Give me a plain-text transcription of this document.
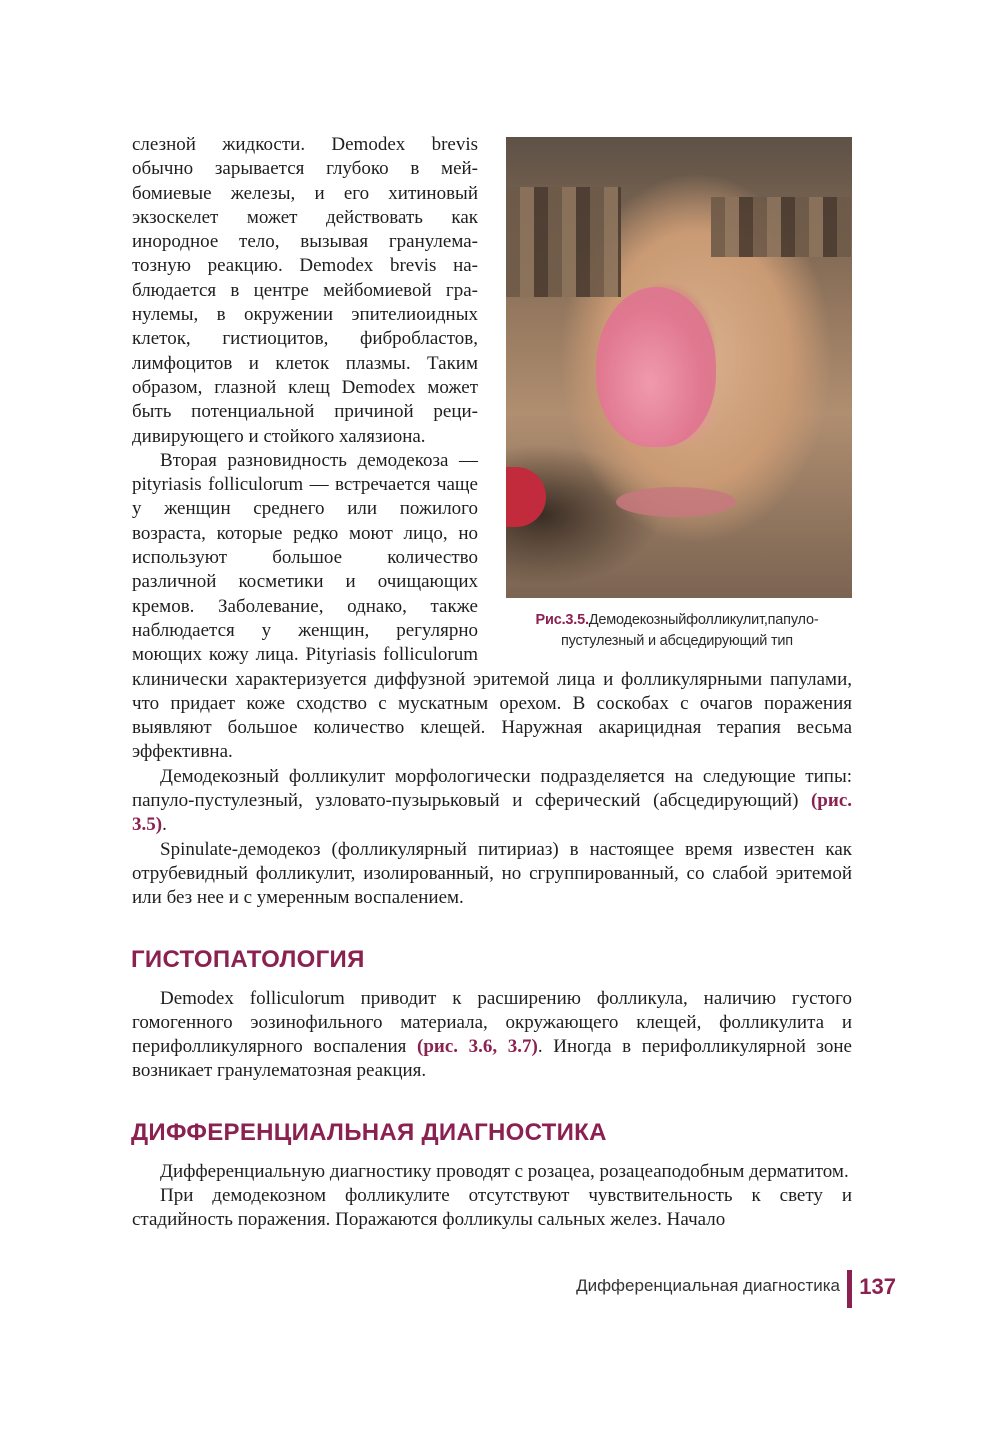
Рис.3.5.Демодекозныйфолликулит,папуло-
пустулезный и абсцедирующий тип

слезной жидкости. Demodex brevis обычно зарывается глубоко в мейбомиевые железы, и его хитиновый экзоскелет может действовать как инородное тело, вызывая гранулематозную реакцию. Demodex brevis наблюдается в центре мейбомиевой гранулемы, в окружении эпителиоидных клеток, гистиоцитов, фибробластов, лимфоцитов и клеток плазмы. Таким образом, глазной клещ Demodex может быть потенциальной причиной рецидивирующего и стойкого халязиона.

Вторая разновидность демодекоза — pityriasis folliculorum — встречается чаще у женщин среднего или пожилого возраста, которые редко моют лицо, но используют большое количество различной косметики и очищающих кремов. Заболевание, однако, также наблюдается у женщин, регулярно моющих кожу лица. Pityriasis folliculorum клинически характеризуется диффузной эритемой лица и фолликулярными папулами, что придает коже сходство с мускатным орехом. В соскобах с очагов поражения выявляют большое количество клещей. Наружная акарицидная терапия весьма эффективна.

Демодекозный фолликулит морфологически подразделяется на следующие типы: папуло-пустулезный, узловато-пузырьковый и сферический (абсцедирующий) (рис. 3.5).

Spinulate-демодекоз (фолликулярный питириаз) в настоящее время известен как отрубевидный фолликулит, изолированный, но сгруппированный, со слабой эритемой или без нее и с умеренным воспалением.

ГИСТОПАТОЛОГИЯ

Demodex folliculorum приводит к расширению фолликула, наличию густого гомогенного эозинофильного материала, окружающего клещей, фолликулита и перифолликулярного воспаления (рис. 3.6, 3.7). Иногда в перифолликулярной зоне возникает гранулематозная реакция.

ДИФФЕРЕНЦИАЛЬНАЯ ДИАГНОСТИКА

Дифференциальную диагностику проводят с розацеа, розацеаподобным дерматитом.

При демодекозном фолликулите отсутствуют чувствительность к свету и стадийность поражения. Поражаются фолликулы сальных желез. Начало

Дифференциальная диагностика 137
